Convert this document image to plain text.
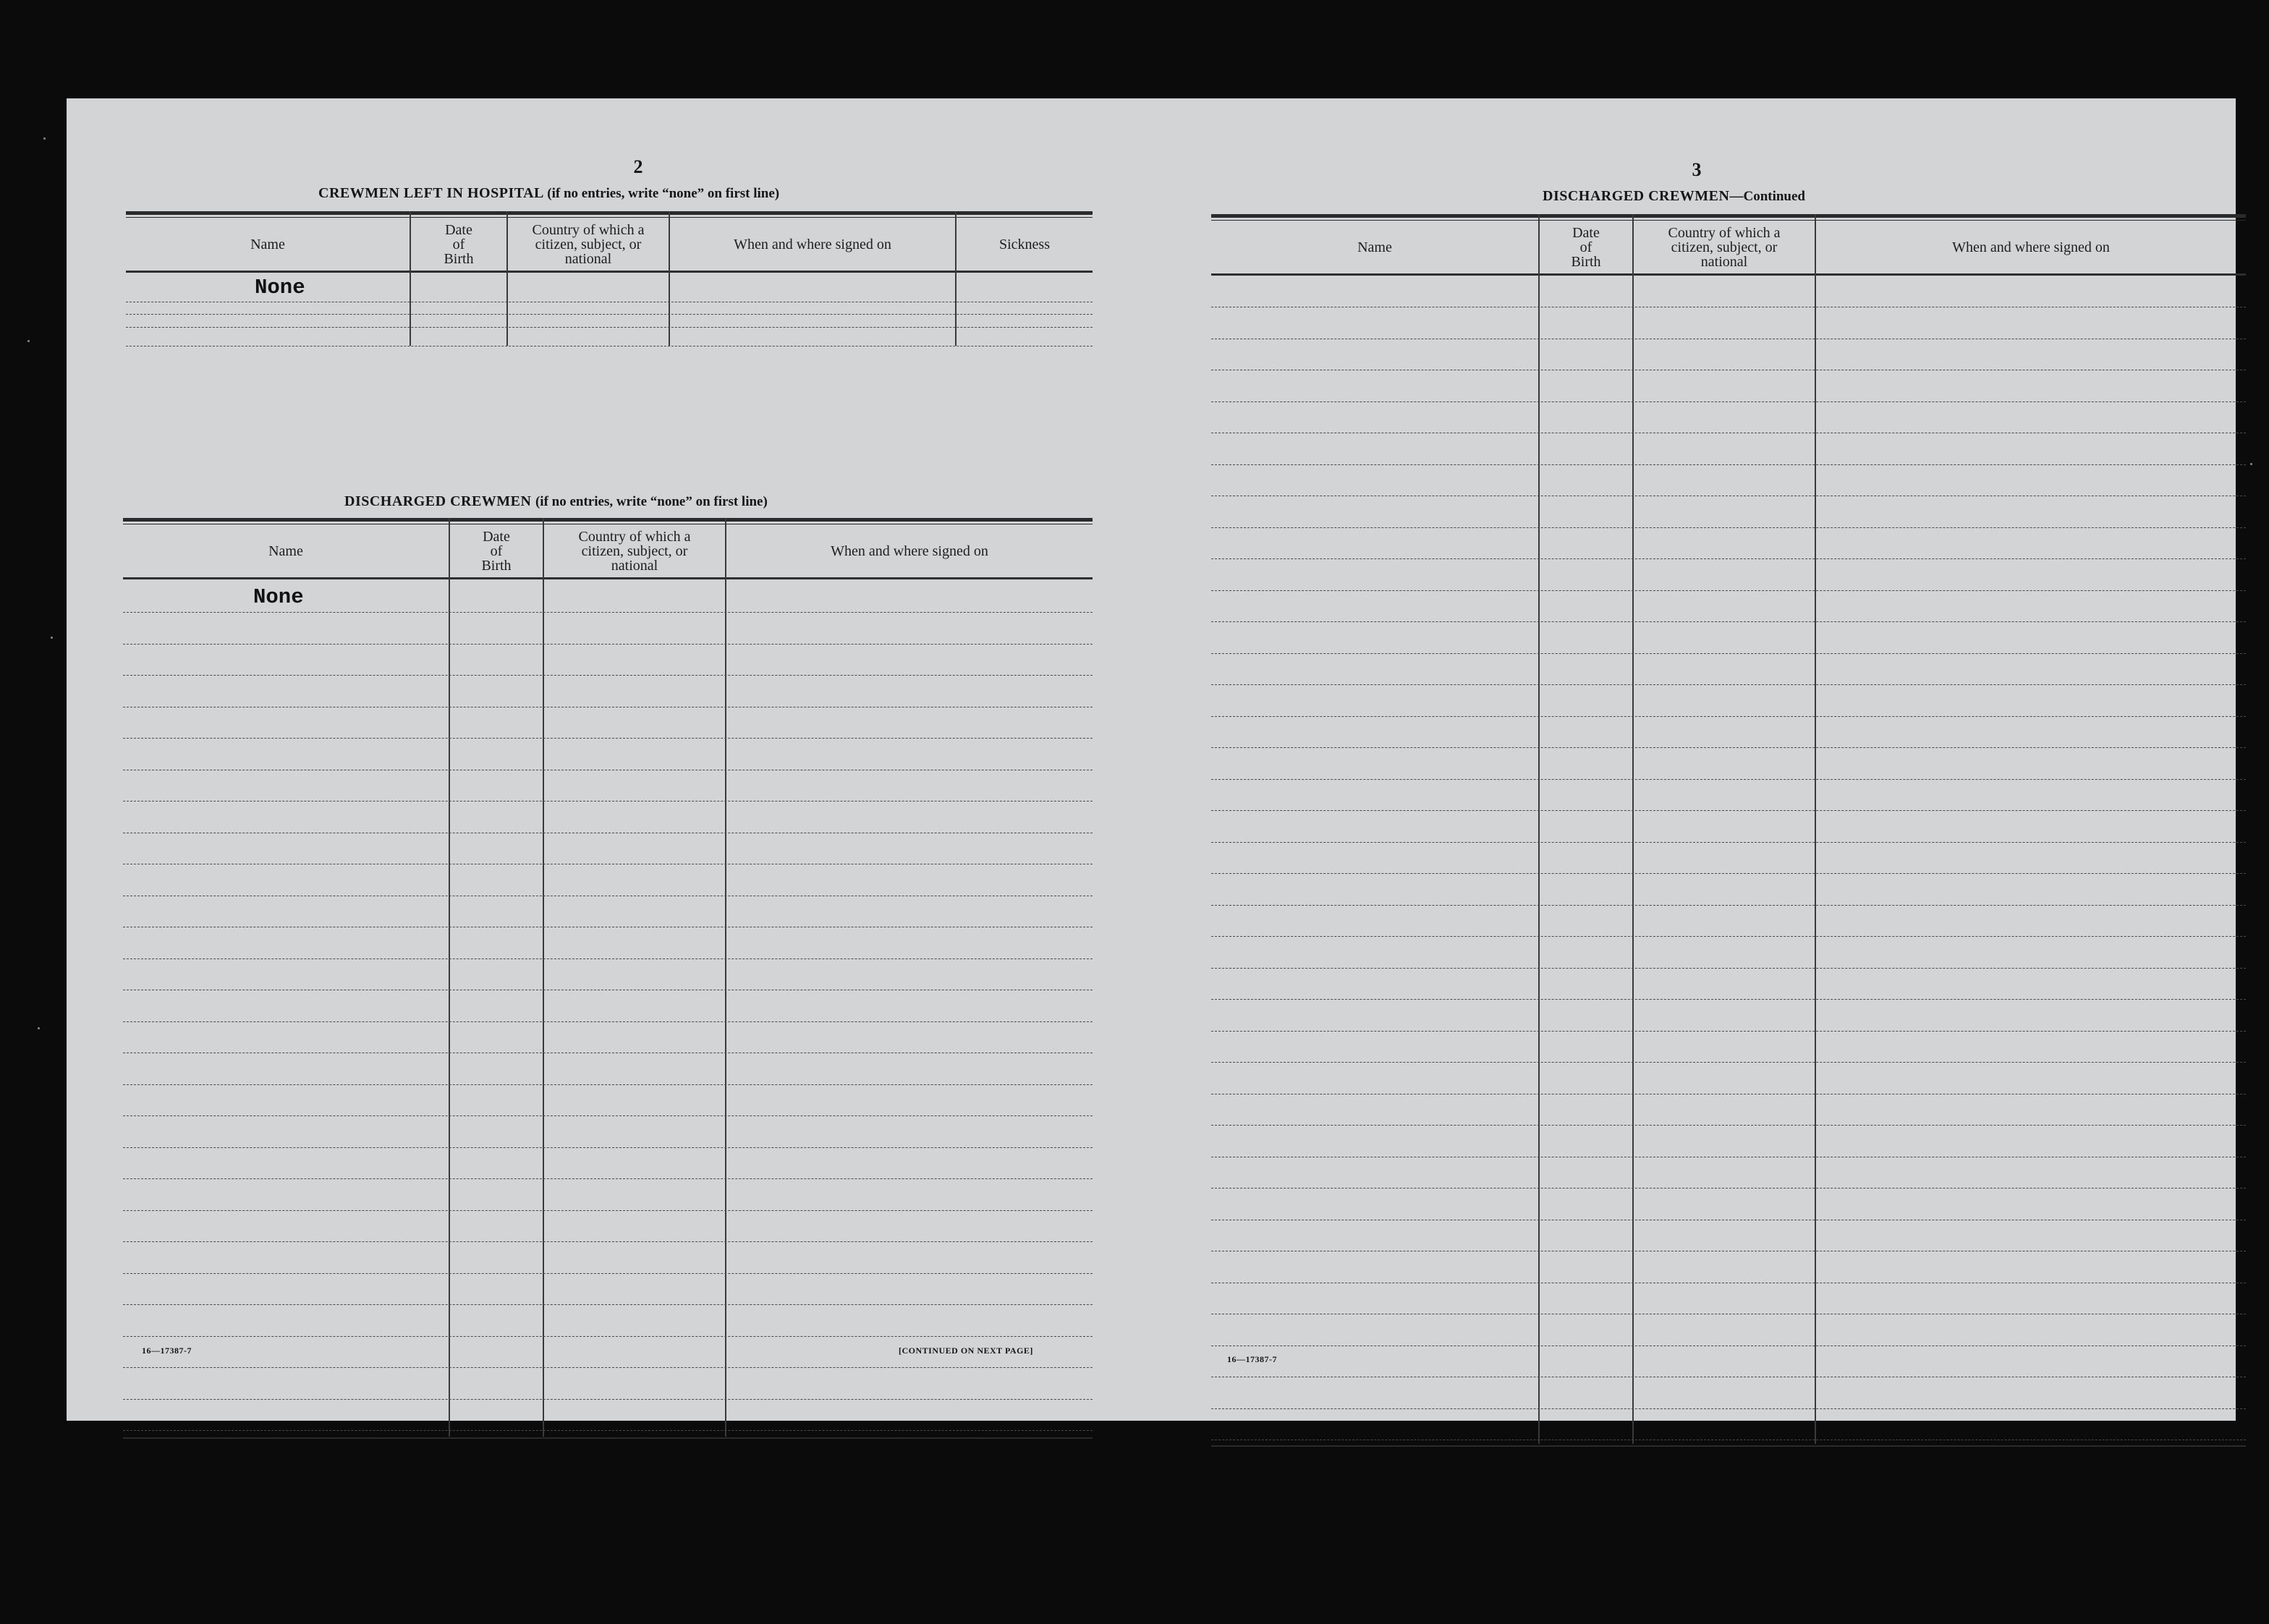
2
CREWMEN LEFT IN HOSPITAL (if no entries, write “none” on first line)
Name
Date
of
Birth
Country of which a
citizen, subject, or
national
When and where signed on	Sickness
None
DISCHARGED CREWMEN (if no entries, write “none” on first line)
Name
Date
of
Birth
Country of which a
citizen, subject, or
national
When and where signed on
None
16—17387-7	[CONTINUED ON NEXT PAGE]
3
DISCHARGED CREWMEN—Continued
Name
Date
of
Birth
Country of which a
citizen, subject, or
national
When and where signed on
16—17387-7
